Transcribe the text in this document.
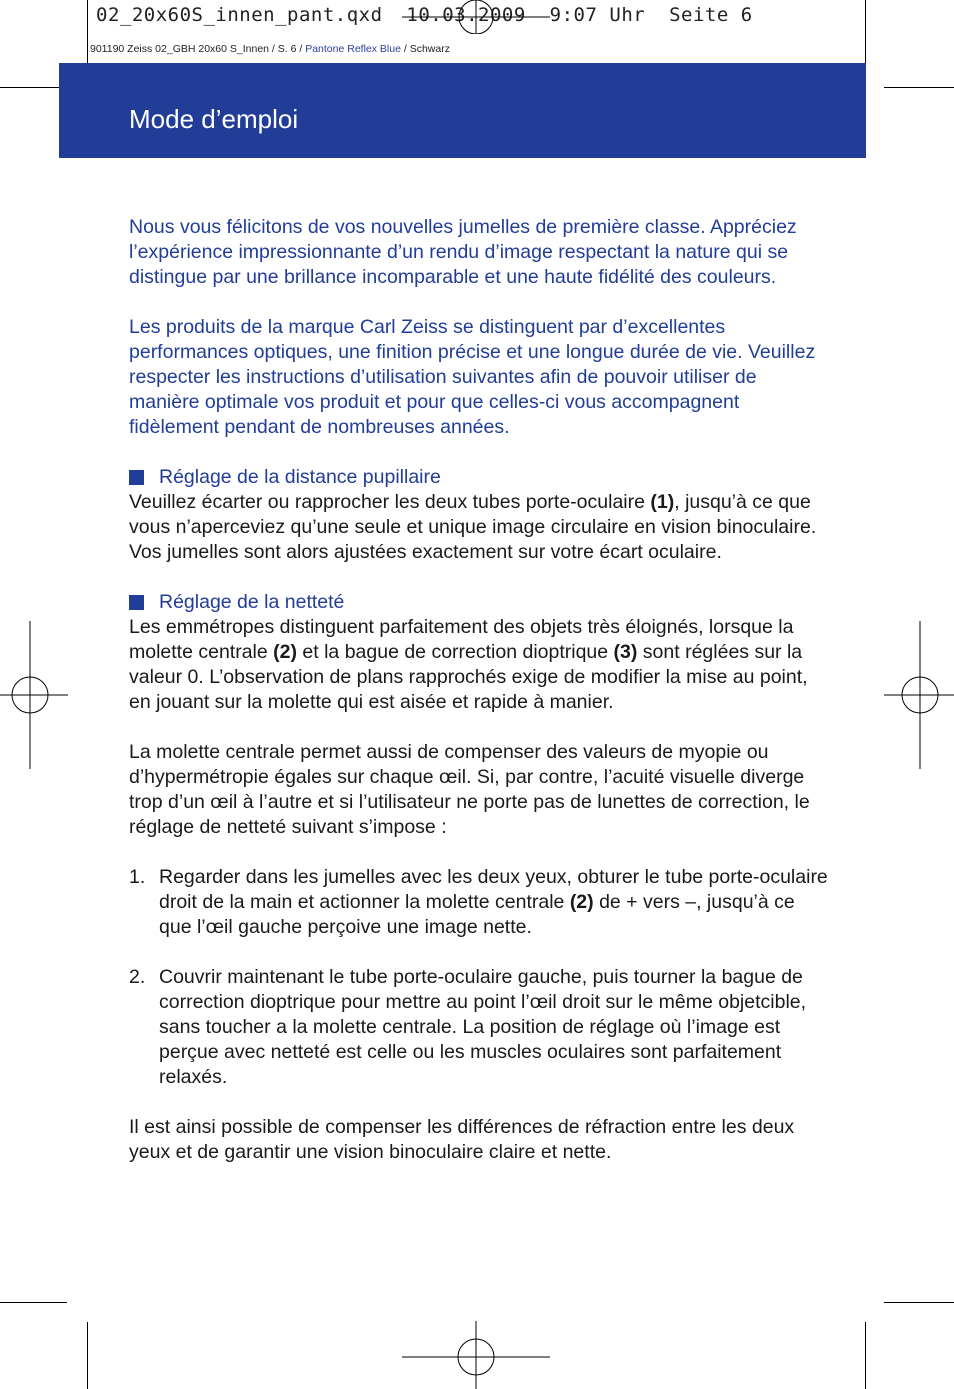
02_20x60S_innen_pant.qxd  10.03.2009  9:07 Uhr  Seite 6
901190 Zeiss 02_GBH 20x60 S_Innen / S. 6 / Pantone Reflex Blue / Schwarz
Mode d’emploi

Nous vous félicitons de vos nouvelles jumelles de première classe. Appréciez l’expérience impressionnante d’un rendu d’image respectant la nature qui se distingue par une brillance incomparable et une haute fidélité des couleurs.

Les produits de la marque Carl Zeiss se distinguent par d’excellentes performances optiques, une finition précise et une longue durée de vie. Veuillez respecter les instructions d’utilisation suivantes afin de pouvoir utiliser de manière optimale vos produit et pour que celles-ci vous accompagnent fidèlement pendant de nombreuses années.

Réglage de la distance pupillaire

Veuillez écarter ou rapprocher les deux tubes porte-oculaire (1), jusqu’à ce que vous n’aperceviez qu’une seule et unique image circulaire en vision binoculaire. Vos jumelles sont alors ajustées exactement sur votre écart oculaire.

Réglage de la netteté

Les emmétropes distinguent parfaitement des objets très éloignés, lorsque la molette centrale (2) et la bague de correction dioptrique (3) sont réglées sur la valeur 0. L’observation de plans rapprochés exige de modifier la mise au point, en jouant sur la molette qui est aisée et rapide à manier.

La molette centrale permet aussi de compenser des valeurs de myopie ou d’hypermétropie égales sur chaque œil. Si, par contre, l’acuité visuelle diverge trop d’un œil à l’autre et si l’utilisateur ne porte pas de lunettes de correction, le réglage de netteté suivant s’impose :

1. Regarder dans les jumelles avec les deux yeux, obturer le tube porte-oculaire droit de la main et actionner la molette centrale (2) de + vers –, jusqu’à ce que l’œil gauche perçoive une image nette.
2. Couvrir maintenant le tube porte-oculaire gauche, puis tourner la bague de correction dioptrique pour mettre au point l’œil droit sur le même objetcible, sans toucher a la molette centrale. La position de réglage où l’image est perçue avec netteté est celle ou les muscles oculaires sont parfaitement relaxés.

Il est ainsi possible de compenser les différences de réfraction entre les deux yeux et de garantir une vision binoculaire claire et nette.
